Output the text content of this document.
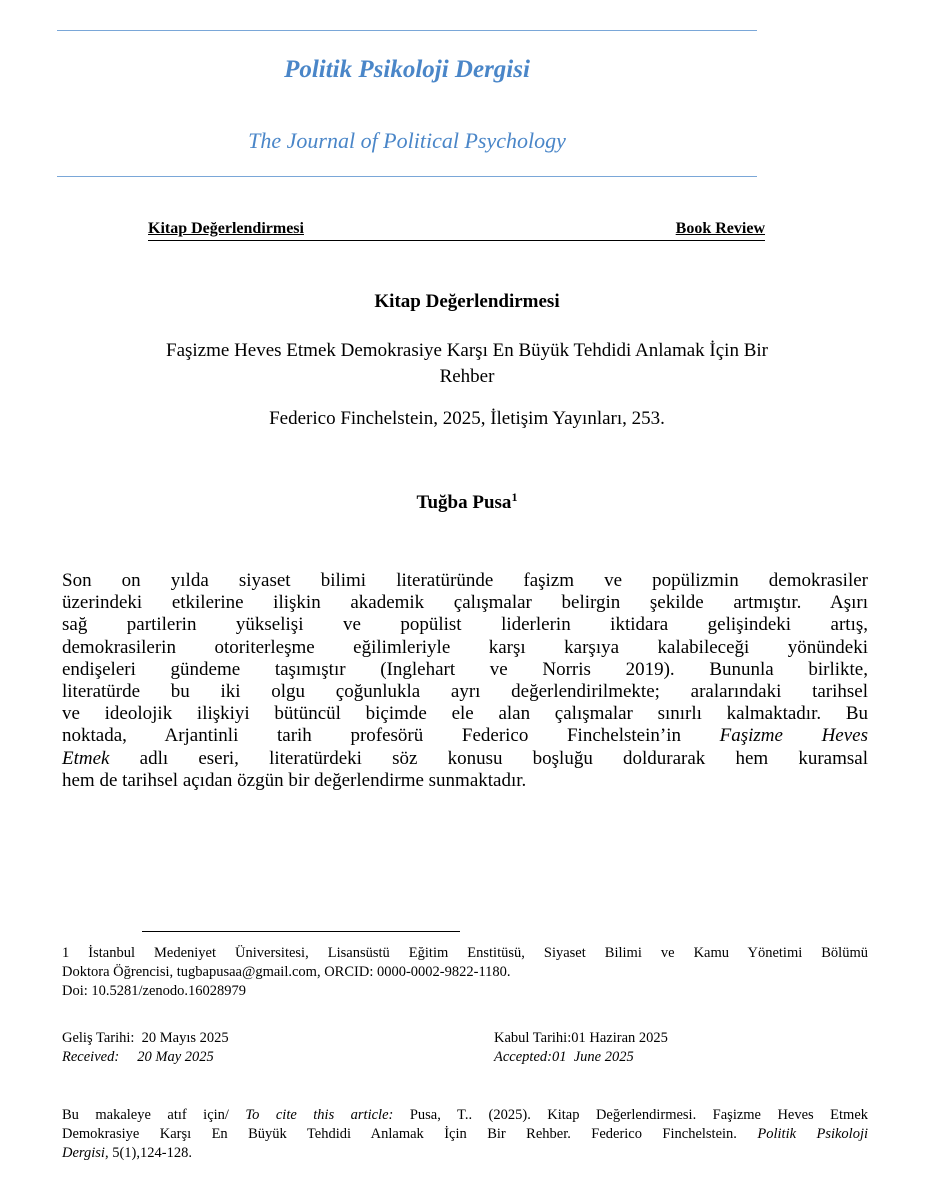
Politik Psikoloji Dergisi
The Journal of Political Psychology
Kitap Değerlendirmesi	Book Review
Kitap Değerlendirmesi
Faşizme Heves Etmek Demokrasiye Karşı En Büyük Tehdidi Anlamak İçin Bir
Rehber
Federico Finchelstein, 2025, İletişim Yayınları, 253.
Tuğba Pusa$^1$
Son on yılda siyaset bilimi literatüründe faşizm ve popülizmin demokrasiler
üzerindeki etkilerine ilişkin akademik çalışmalar belirgin şekilde artmıştır. Aşırı
sağ partilerin yükselişi ve popülist liderlerin iktidara gelişindeki artış,
demokrasilerin otoriterleşme eğilimleriyle karşı karşıya kalabileceği yönündeki
endişeleri gündeme taşımıştır (Inglehart ve Norris 2019). Bununla birlikte,
literatürde bu iki olgu çoğunlukla ayrı değerlendirilmekte; aralarındaki tarihsel
ve ideolojik ilişkiyi bütüncül biçimde ele alan çalışmalar sınırlı kalmaktadır. Bu
noktada, Arjantinli tarih profesörü Federico Finchelstein’in Faşizme Heves
Etmek adlı eseri, literatürdeki söz konusu boşluğu doldurarak hem kuramsal
hem de tarihsel açıdan özgün bir değerlendirme sunmaktadır.
1 İstanbul Medeniyet Üniversitesi, Lisansüstü Eğitim Enstitüsü, Siyaset Bilimi ve Kamu Yönetimi Bölümü
Doktora Öğrencisi, tugbapusaa@gmail.com, ORCID: 0000-0002-9822-1180.
Doi: 10.5281/zenodo.16028979
Geliş Tarihi:  20 Mayıs 2025
Received:     20 May 2025
Kabul Tarihi:01 Haziran 2025
Accepted:01  June 2025
Bu makaleye atıf için/ To cite this article: Pusa, T.. (2025). Kitap Değerlendirmesi. Faşizme Heves Etmek
Demokrasiye Karşı En Büyük Tehdidi Anlamak İçin Bir Rehber. Federico Finchelstein. Politik Psikoloji
Dergisi, 5(1),124-128.
